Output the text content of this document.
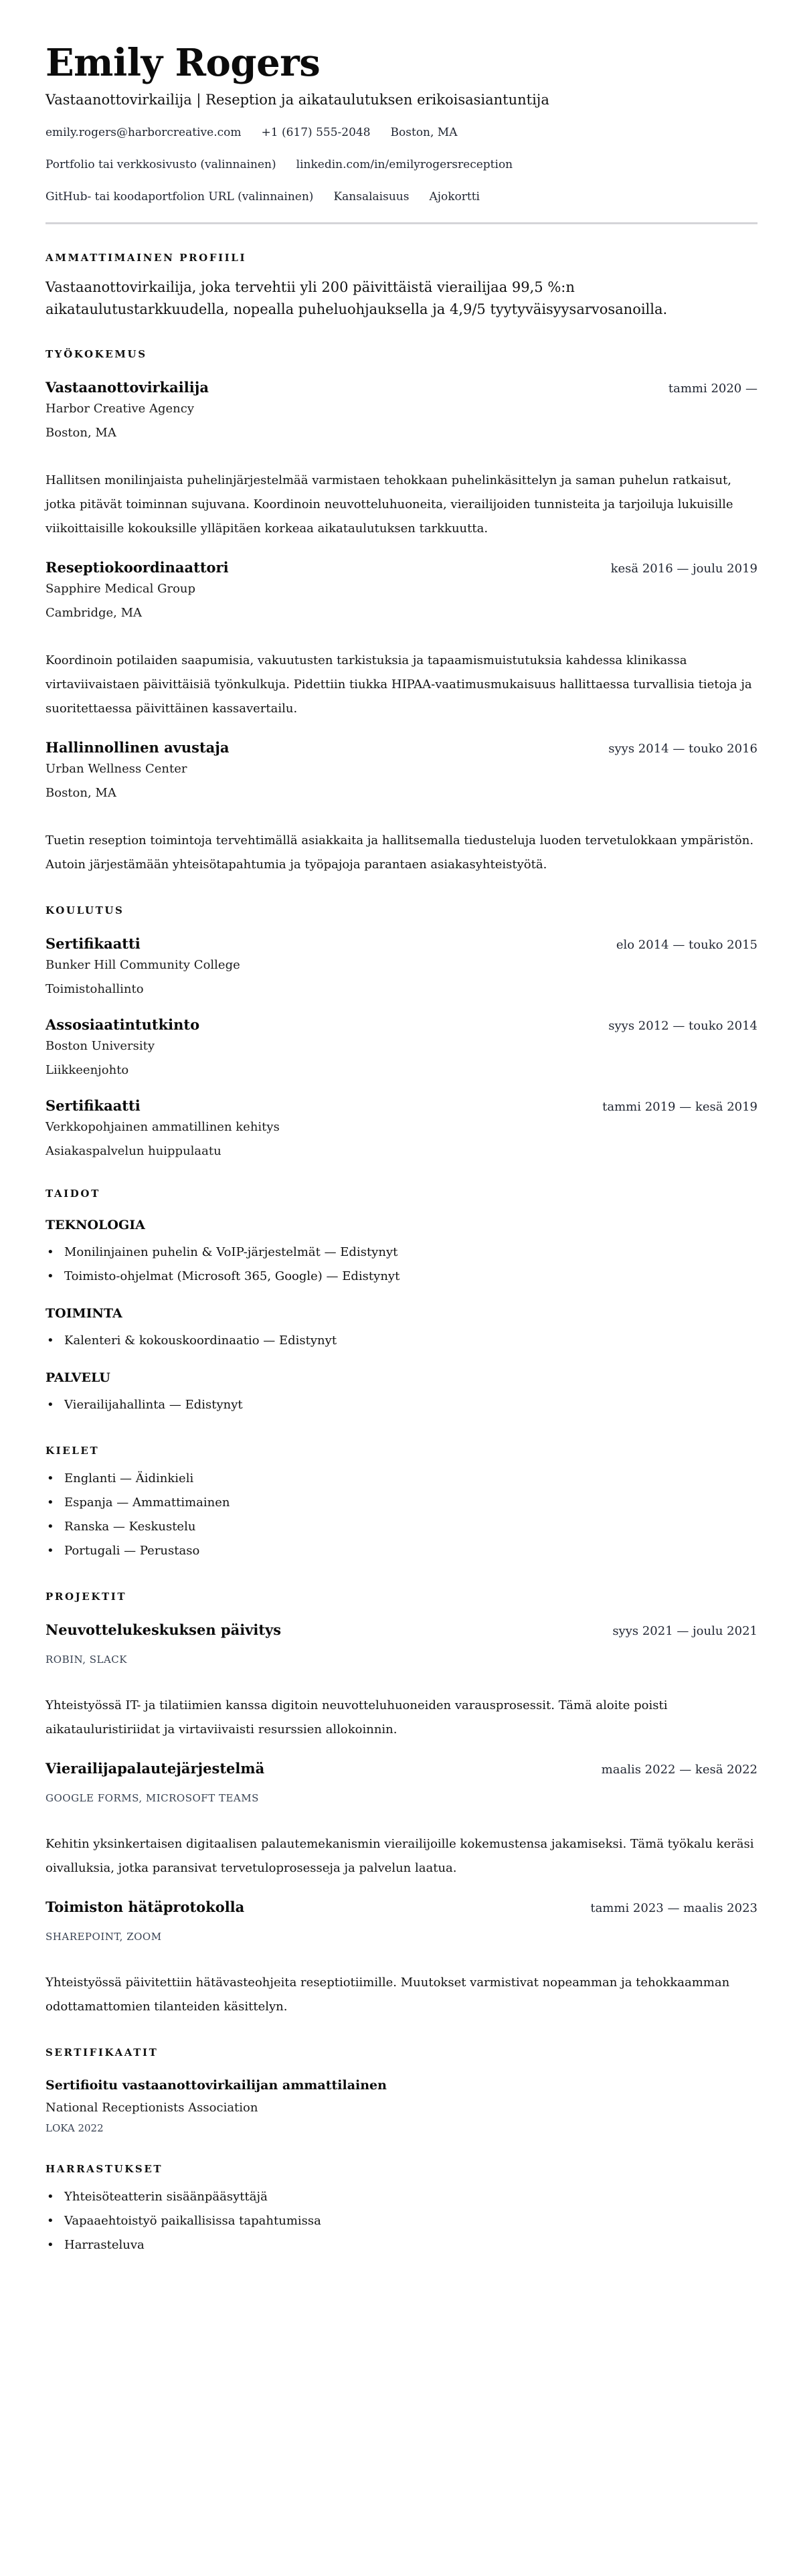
Emily Rogers
Vastaanottovirkailija | Reseption ja aikataulutuksen erikoisasiantuntija
emily.rogers@harborcreative.com +1 (617) 555-2048 Boston, MA
Portfolio tai verkkosivusto (valinnainen) linkedin.com/in/emilyrogersreception
GitHub- tai koodaportfolion URL (valinnainen) Kansalaisuus Ajokortti
AMMATTIMAINEN PROFIILI

Vastaanottovirkailija, joka tervehtii yli 200 päivittäistä vierailijaa 99,5 %:n aikataulutustarkkuudella, nopealla puheluohjauksella ja 4,9/5 tyytyväisyysarvosanoilla.

TYÖKOKEMUS
Vastaanottovirkailija	tammi 2020 —
Harbor Creative Agency
Boston, MA

Hallitsen monilinjaista puhelinjärjestelmää varmistaen tehokkaan puhelinkäsittelyn ja saman puhelun ratkaisut, jotka pitävät toiminnan sujuvana. Koordinoin neuvotteluhuoneita, vierailijoiden tunnisteita ja tarjoiluja lukuisille viikoittaisille kokouksille ylläpitäen korkeaa aikataulutuksen tarkkuutta.

Reseptiokoordinaattori	kesä 2016 — joulu 2019
Sapphire Medical Group
Cambridge, MA

Koordinoin potilaiden saapumisia, vakuutusten tarkistuksia ja tapaamismuistutuksia kahdessa klinikassa virtaviivaistaen päivittäisiä työnkulkuja. Pidettiin tiukka HIPAA-vaatimusmukaisuus hallittaessa turvallisia tietoja ja suoritettaessa päivittäinen kassavertailu.

Hallinnollinen avustaja	syys 2014 — touko 2016
Urban Wellness Center
Boston, MA

Tuetin reseption toimintoja tervehtimällä asiakkaita ja hallitsemalla tiedusteluja luoden tervetulokkaan ympäristön. Autoin järjestämään yhteisötapahtumia ja työpajoja parantaen asiakasyhteistyötä.

KOULUTUS
Sertifikaatti	elo 2014 — touko 2015
Bunker Hill Community College
Toimistohallinto
Assosiaatintutkinto	syys 2012 — touko 2014
Boston University
Liikkeenjohto
Sertifikaatti	tammi 2019 — kesä 2019
Verkkopohjainen ammatillinen kehitys
Asiakaspalvelun huippulaatu
TAIDOT
TEKNOLOGIA
• Monilinjainen puhelin & VoIP-järjestelmät — Edistynyt
• Toimisto-ohjelmat (Microsoft 365, Google) — Edistynyt
TOIMINTA
• Kalenteri & kokouskoordinaatio — Edistynyt
PALVELU
• Vierailijahallinta — Edistynyt
KIELET
• Englanti — Äidinkieli
• Espanja — Ammattimainen
• Ranska — Keskustelu
• Portugali — Perustaso
PROJEKTIT
Neuvottelukeskuksen päivitys	syys 2021 — joulu 2021
ROBIN, SLACK

Yhteistyössä IT- ja tilatiimien kanssa digitoin neuvotteluhuoneiden varausprosessit. Tämä aloite poisti aikatauluristiriidat ja virtaviivaisti resurssien allokoinnin.

Vierailijapalautejärjestelmä	maalis 2022 — kesä 2022
GOOGLE FORMS, MICROSOFT TEAMS

Kehitin yksinkertaisen digitaalisen palautemekanismin vierailijoille kokemustensa jakamiseksi. Tämä työkalu keräsi oivalluksia, jotka paransivat tervetuloprosesseja ja palvelun laatua.

Toimiston hätäprotokolla	tammi 2023 — maalis 2023
SHAREPOINT, ZOOM

Yhteistyössä päivitettiin hätävasteohjeita reseptiotiimille. Muutokset varmistivat nopeamman ja tehokkaamman odottamattomien tilanteiden käsittelyn.

SERTIFIKAATIT
Sertifioitu vastaanottovirkailijan ammattilainen
National Receptionists Association
LOKA 2022
HARRASTUKSET
• Yhteisöteatterin sisäänpääsyttäjä
• Vapaaehtoistyö paikallisissa tapahtumissa
• Harrasteluva
